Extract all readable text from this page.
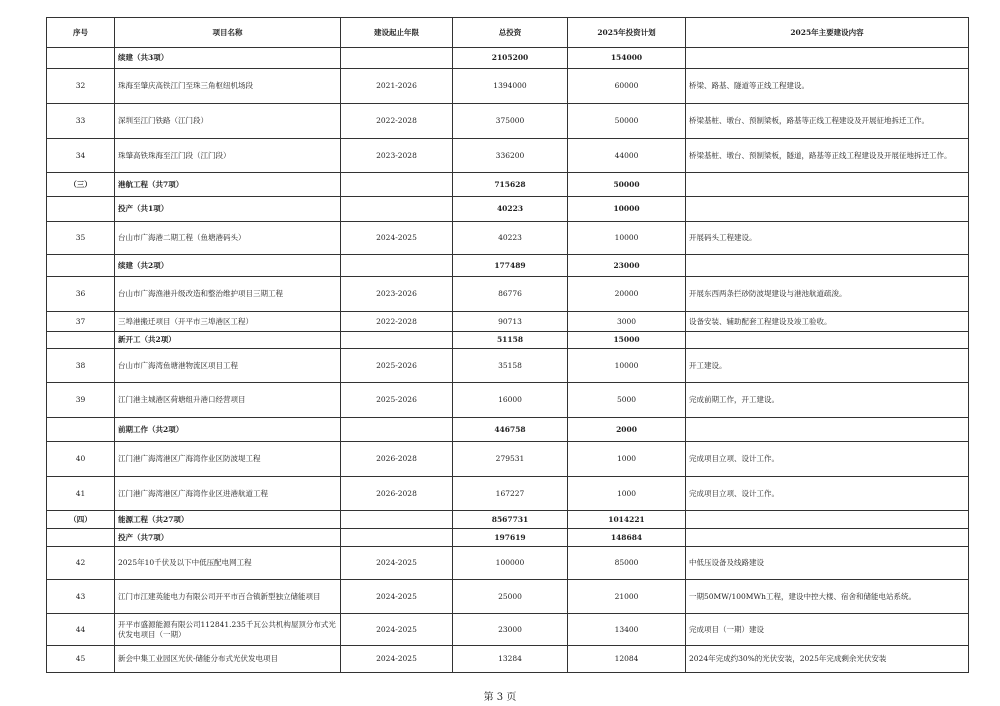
序号	项目名称	建设起止年限	总投资	2025年投资计划	2025年主要建设内容
	续建（共3项）		2105200	154000	
32	珠海至肇庆高铁江门至珠三角枢纽机场段	2021-2026	1394000	60000	桥梁、路基、隧道等正线工程建设。
33	深圳至江门铁路（江门段）	2022-2028	375000	50000	桥梁基桩、墩台、预制梁板，路基等正线工程建设及开展征地拆迁工作。
34	珠肇高铁珠海至江门段（江门段）	2023-2028	336200	44000	桥梁基桩、墩台、预制梁板，隧道，路基等正线工程建设及开展征地拆迁工作。
（三）	港航工程（共7项）		715628	50000	
	投产（共1项）		40223	10000	
35	台山市广海港二期工程（鱼塘港码头）	2024-2025	40223	10000	开展码头工程建设。
	续建（共2项）		177489	23000	
36	台山市广海渔港升级改造和整治维护项目三期工程	2023-2026	86776	20000	开展东西两条拦砂防波堤建设与港池航道疏浚。
37	三埠港搬迁项目（开平市三埠港区工程）	2022-2028	90713	3000	设备安装、辅助配套工程建设及竣工验收。
	新开工（共2项）		51158	15000	
38	台山市广海湾鱼塘港物流区项目工程	2025-2026	35158	10000	开工建设。
39	江门港主城港区荷塘组升港口经营项目	2025-2026	16000	5000	完成前期工作，开工建设。
	前期工作（共2项）		446758	2000	
40	江门港广海湾港区广海湾作业区防波堤工程	2026-2028	279531	1000	完成项目立项、设计工作。
41	江门港广海湾港区广海湾作业区进港航道工程	2026-2028	167227	1000	完成项目立项、设计工作。
（四）	能源工程（共27项）		8567731	1014221	
	投产（共7项）		197619	148684	
42	2025年10千伏及以下中低压配电网工程	2024-2025	100000	85000	中低压设备及线路建设
43	江门市江建英能电力有限公司开平市百合镇新型独立储能项目	2024-2025	25000	21000	一期50MW/100MWh工程，建设中控大楼、宿舍和储能电站系统。
44	开平市盛源能源有限公司112841.235千瓦公共机构屋顶分布式光伏发电项目（一期）	2024-2025	23000	13400	完成项目（一期）建设
45	新会中集工业园区光伏-储能分布式光伏发电项目	2024-2025	13284	12084	2024年完成约30%的光伏安装，2025年完成剩余光伏安装
第 3 页
